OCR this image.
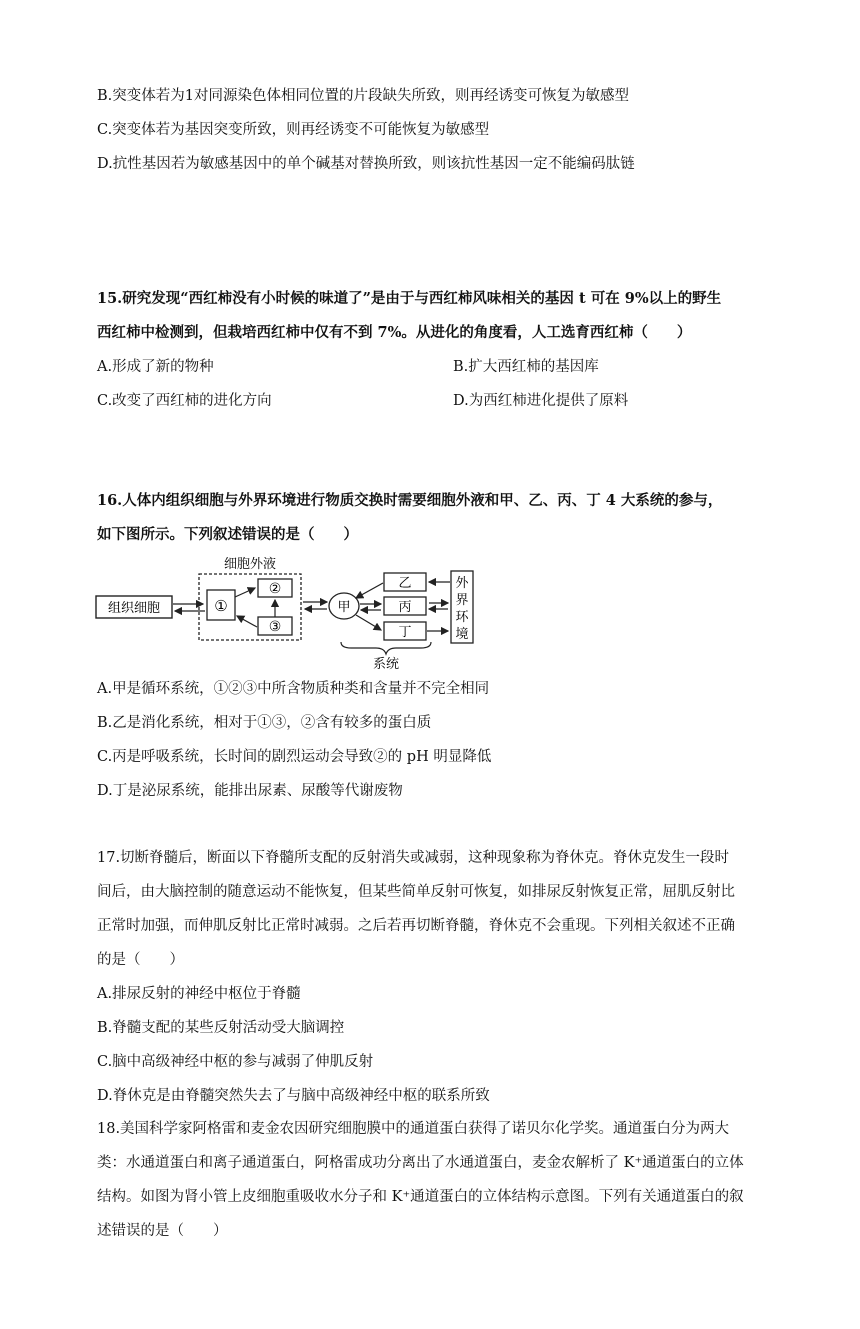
B.突变体若为1对同源染色体相同位置的片段缺失所致，则再经诱变可恢复为敏感型
C.突变体若为基因突变所致，则再经诱变不可能恢复为敏感型
D.抗性基因若为敏感基因中的单个碱基对替换所致，则该抗性基因一定不能编码肽链
15.研究发现“西红柿没有小时候的味道了”是由于与西红柿风味相关的基因 t 可在 9%以上的野生
西红柿中检测到，但栽培西红柿中仅有不到 7%。从进化的角度看，人工选育西红柿（　　）
A.形成了新的物种	B.扩大西红柿的基因库
C.改变了西红柿的进化方向	D.为西红柿进化提供了原料
16.人体内组织细胞与外界环境进行物质交换时需要细胞外液和甲、乙、丙、丁 4 大系统的参与，
如下图所示。下列叙述错误的是（　　）
组织细胞
细胞外液
①
②
③
甲
乙
丙
丁
外
界
环
境
系统
A.甲是循环系统，①②③中所含物质种类和含量并不完全相同
B.乙是消化系统，相对于①③，②含有较多的蛋白质
C.丙是呼吸系统，长时间的剧烈运动会导致②的 pH 明显降低
D.丁是泌尿系统，能排出尿素、尿酸等代谢废物
17.切断脊髓后，断面以下脊髓所支配的反射消失或减弱，这种现象称为脊休克。脊休克发生一段时
间后，由大脑控制的随意运动不能恢复，但某些简单反射可恢复，如排尿反射恢复正常，屈肌反射比
正常时加强，而伸肌反射比正常时减弱。之后若再切断脊髓，脊休克不会重现。下列相关叙述不正确
的是（　　）
A.排尿反射的神经中枢位于脊髓
B.脊髓支配的某些反射活动受大脑调控
C.脑中高级神经中枢的参与减弱了伸肌反射
D.脊休克是由脊髓突然失去了与脑中高级神经中枢的联系所致
18.美国科学家阿格雷和麦金农因研究细胞膜中的通道蛋白获得了诺贝尔化学奖。通道蛋白分为两大
类：水通道蛋白和离子通道蛋白，阿格雷成功分离出了水通道蛋白，麦金农解析了 K⁺通道蛋白的立体
结构。如图为肾小管上皮细胞重吸收水分子和 K⁺通道蛋白的立体结构示意图。下列有关通道蛋白的叙
述错误的是（　　）
